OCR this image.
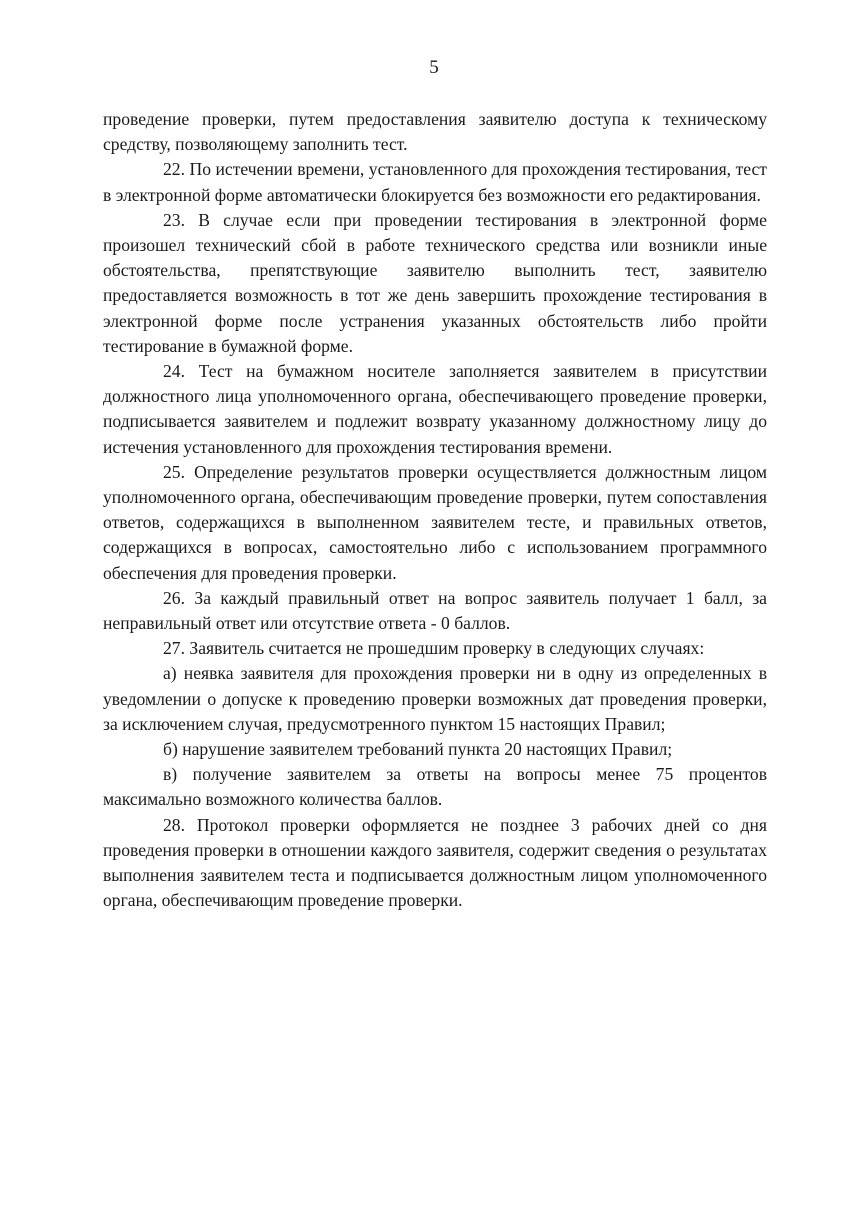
5

проведение проверки, путем предоставления заявителю доступа к техническому средству, позволяющему заполнить тест.

22. По истечении времени, установленного для прохождения тестирования, тест в электронной форме автоматически блокируется без возможности его редактирования.

23. В случае если при проведении тестирования в электронной форме произошел технический сбой в работе технического средства или возникли иные обстоятельства, препятствующие заявителю выполнить тест, заявителю предоставляется возможность в тот же день завершить прохождение тестирования в электронной форме после устранения указанных обстоятельств либо пройти тестирование в бумажной форме.

24. Тест на бумажном носителе заполняется заявителем в присутствии должностного лица уполномоченного органа, обеспечивающего проведение проверки, подписывается заявителем и подлежит возврату указанному должностному лицу до истечения установленного для прохождения тестирования времени.

25. Определение результатов проверки осуществляется должностным лицом уполномоченного органа, обеспечивающим проведение проверки, путем сопоставления ответов, содержащихся в выполненном заявителем тесте, и правильных ответов, содержащихся в вопросах, самостоятельно либо с использованием программного обеспечения для проведения проверки.

26. За каждый правильный ответ на вопрос заявитель получает 1 балл, за неправильный ответ или отсутствие ответа - 0 баллов.

27. Заявитель считается не прошедшим проверку в следующих случаях:

а) неявка заявителя для прохождения проверки ни в одну из определенных в уведомлении о допуске к проведению проверки возможных дат проведения проверки, за исключением случая, предусмотренного пунктом 15 настоящих Правил;

б) нарушение заявителем требований пункта 20 настоящих Правил;

в) получение заявителем за ответы на вопросы менее 75 процентов максимально возможного количества баллов.

28. Протокол проверки оформляется не позднее 3 рабочих дней со дня проведения проверки в отношении каждого заявителя, содержит сведения о результатах выполнения заявителем теста и подписывается должностным лицом уполномоченного органа, обеспечивающим проведение проверки.
